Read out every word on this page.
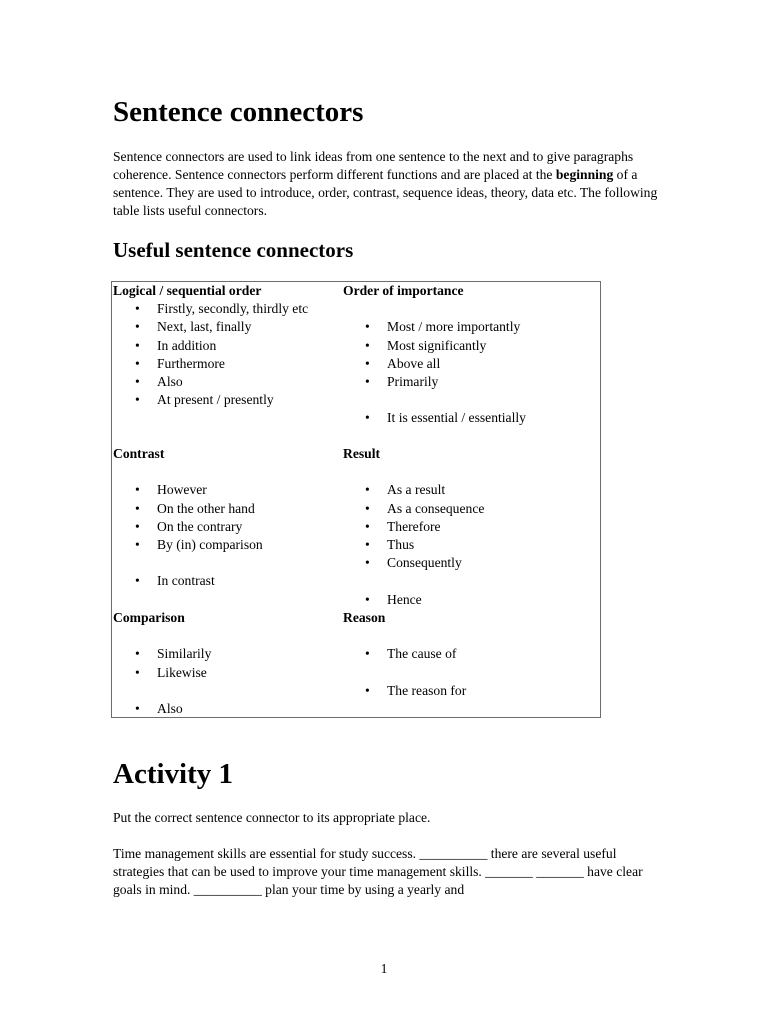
Sentence connectors

Sentence connectors are used to link ideas from one sentence to the next and to give paragraphs coherence. Sentence connectors perform different functions and are placed at the beginning of a sentence. They are used to introduce, order, contrast, sequence ideas, theory, data etc. The following table lists useful connectors.

Useful sentence connectors
Logical / sequential order
• Firstly, secondly, thirdly etc
• Next, last, finally
• In addition
• Furthermore
• Also
• At present / presently
Order of importance
• Most / more importantly
• Most significantly
• Above all
• Primarily
• It is essential / essentially
Contrast
• However
• On the other hand
• On the contrary
• By (in) comparison
• In contrast
Result
• As a result
• As a consequence
• Therefore
• Thus
• Consequently
• Hence
Comparison
• Similarily
• Likewise
• Also
Reason
• The cause of
• The reason for
Activity 1

Put the correct sentence connector to its appropriate place.

Time management skills are essential for study success. __________ there are several useful strategies that can be used to improve your time management skills. _______ _______ have clear goals in mind. __________ plan your time by using a yearly and

1
